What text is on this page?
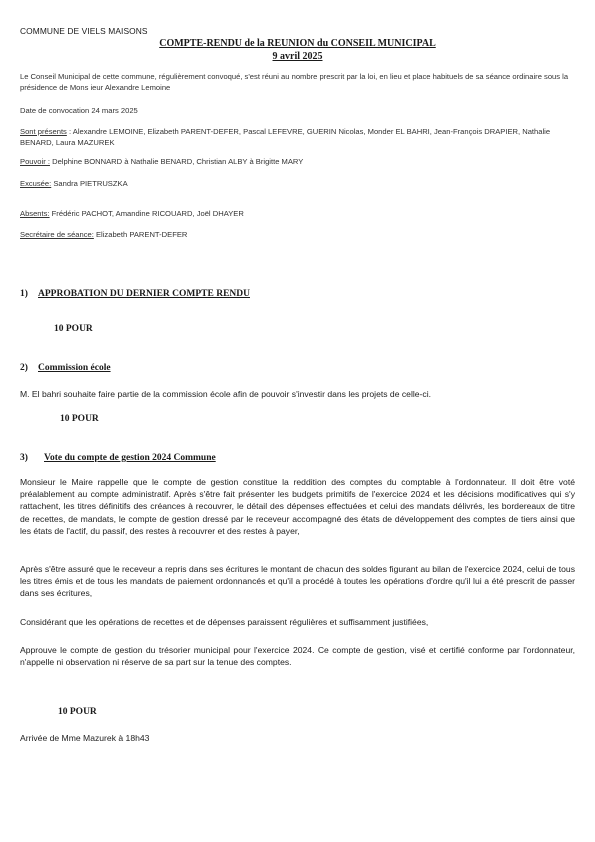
COMMUNE DE VIELS MAISONS
COMPTE-RENDU de la REUNION du CONSEIL MUNICIPAL
9 avril 2025
Le Conseil Municipal de cette commune, régulièrement convoqué, s'est réuni au nombre prescrit par la loi, en lieu et place habituels de sa séance ordinaire sous la présidence de Mons ieur Alexandre Lemoine
Date de convocation 24 mars 2025
Sont présents : Alexandre LEMOINE, Elizabeth PARENT-DEFER, Pascal LEFEVRE, GUERIN Nicolas, Monder EL BAHRI, Jean-François DRAPIER, Nathalie BENARD, Laura MAZUREK
Pouvoir : Delphine BONNARD à Nathalie BENARD, Christian ALBY à Brigitte MARY
Excusée: Sandra PIETRUSZKA
Absents: Frédéric PACHOT, Amandine RICOUARD, Joël DHAYER
Secrétaire de séance: Elizabeth PARENT-DEFER
1) APPROBATION DU DERNIER COMPTE RENDU
10 POUR
2) Commission école
M. El bahri souhaite faire partie de la commission école afin de pouvoir s'investir dans les projets de celle-ci.
10 POUR
3) Vote du compte de gestion 2024 Commune
Monsieur le Maire rappelle que le compte de gestion constitue la reddition des comptes du comptable à l'ordonnateur. Il doit être voté préalablement au compte administratif. Après s'être fait présenter les budgets primitifs de l'exercice 2024 et les décisions modificatives qui s'y rattachent, les titres définitifs des créances à recouvrer, le détail des dépenses effectuées et celui des mandats délivrés, les bordereaux de titre de recettes, de mandats, le compte de gestion dressé par le receveur accompagné des états de développement des comptes de tiers ainsi que les états de l'actif, du passif, des restes à recouvrer et des restes à payer,
Après s'être assuré que le receveur a repris dans ses écritures le montant de chacun des soldes figurant au bilan de l'exercice 2024, celui de tous les titres émis et de tous les mandats de paiement ordonnancés et qu'il a procédé à toutes les opérations d'ordre qu'il lui a été prescrit de passer dans ses écritures,
Considérant que les opérations de recettes et de dépenses paraissent régulières et suffisamment justifiées,
Approuve le compte de gestion du trésorier municipal pour l'exercice 2024. Ce compte de gestion, visé et certifié conforme par l'ordonnateur, n'appelle ni observation ni réserve de sa part sur la tenue des comptes.
10 POUR
Arrivée de Mme Mazurek à 18h43
